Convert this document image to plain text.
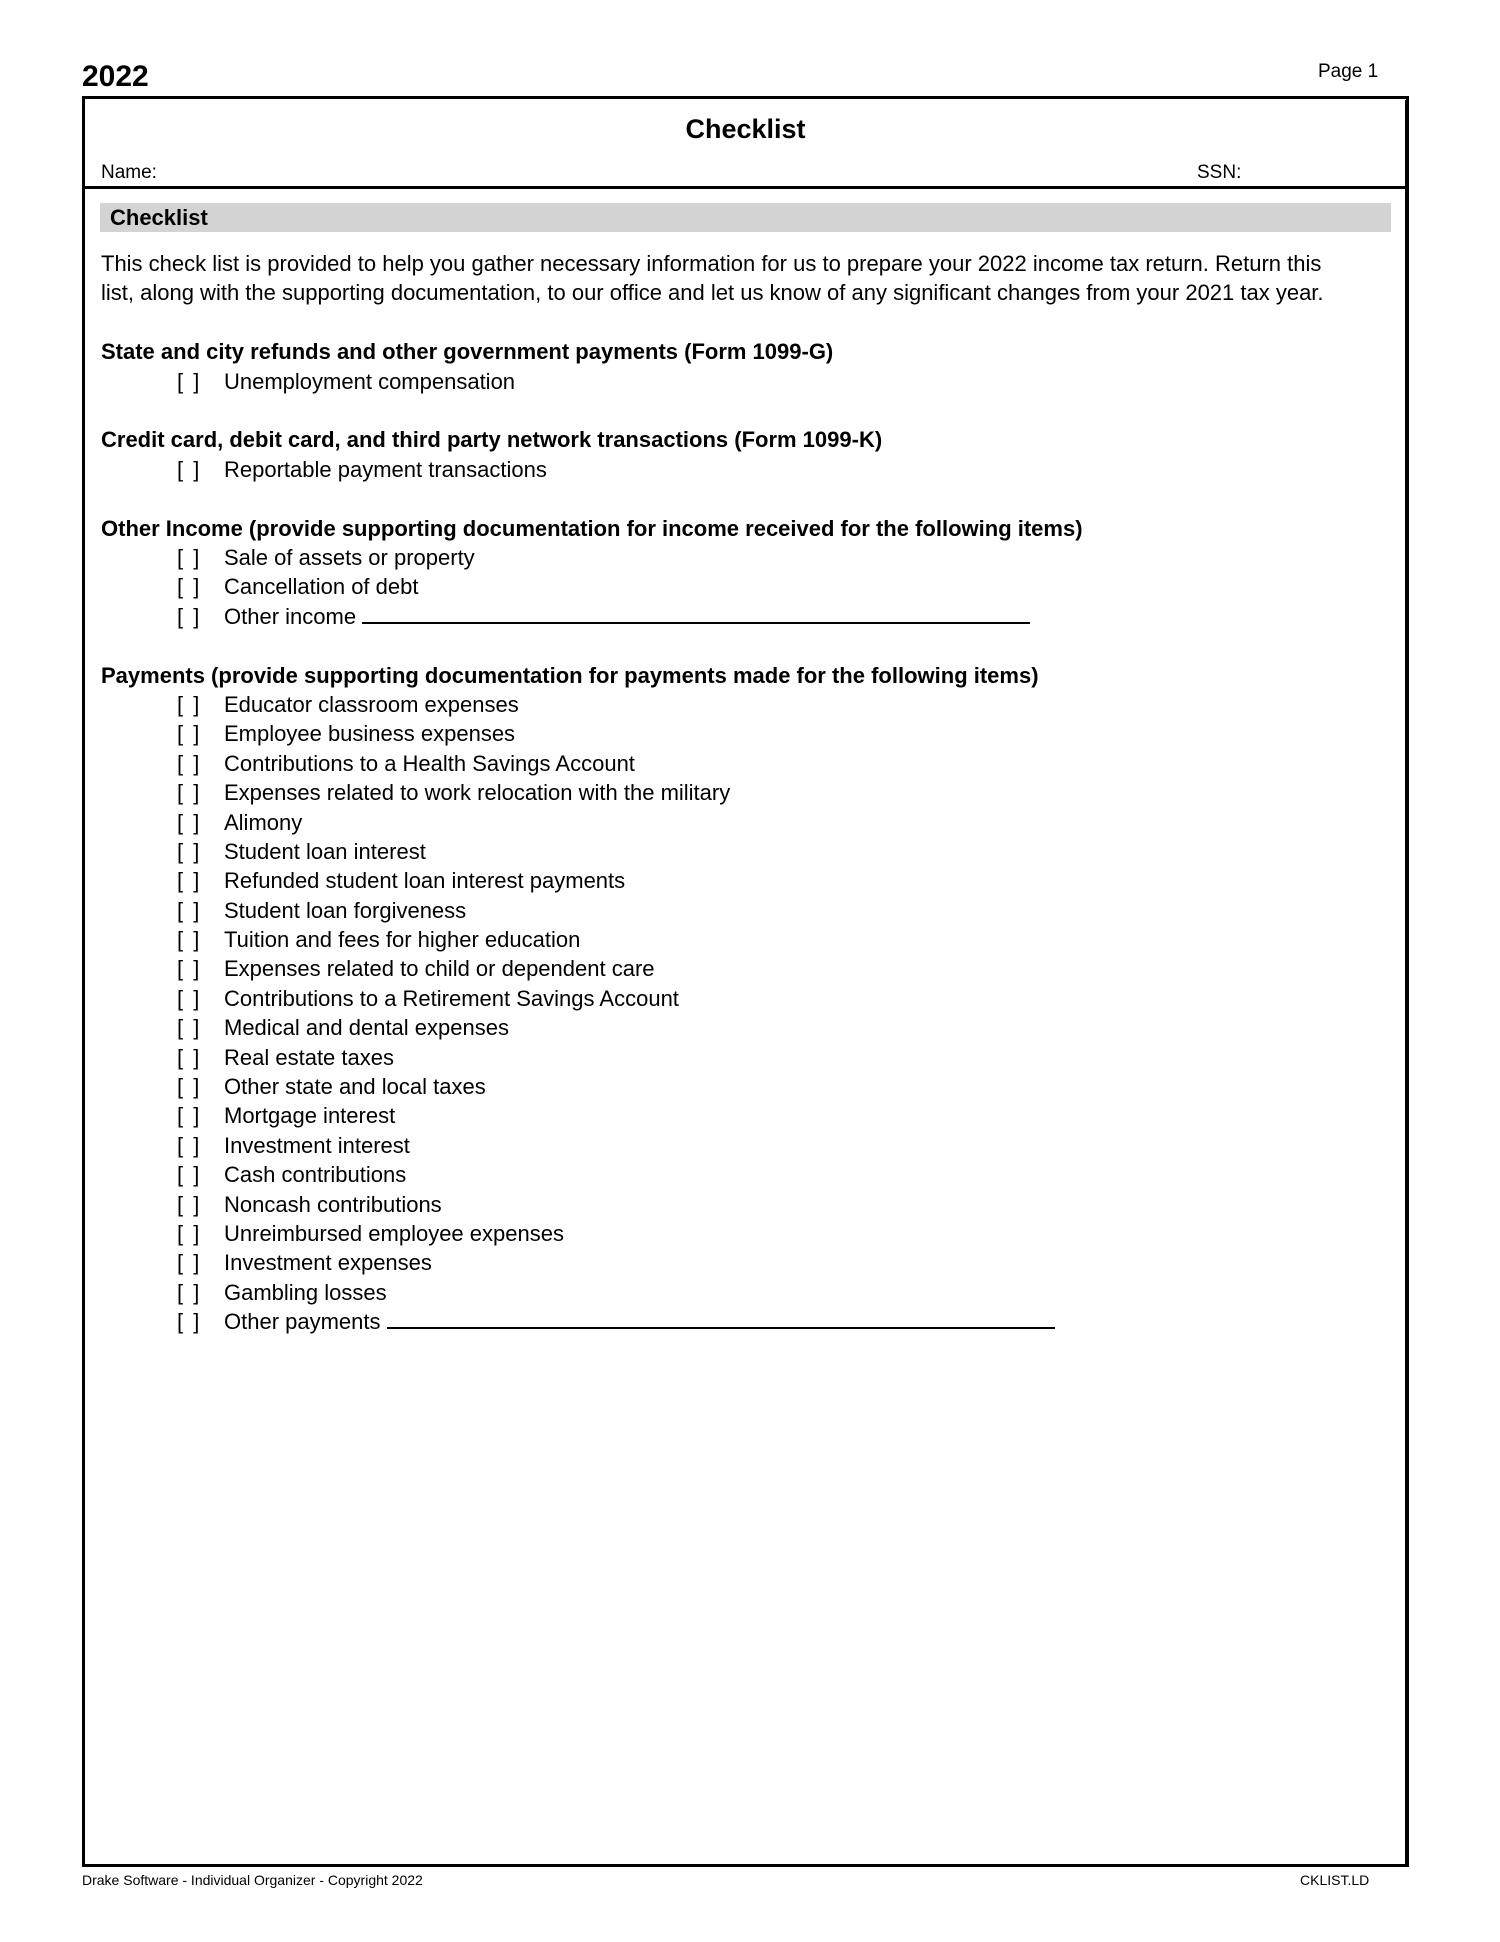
2022	Page 1
Checklist
Name:	SSN:
Checklist

This check list is provided to help you gather necessary information for us to prepare your 2022 income tax return. Return this list, along with the supporting documentation, to our office and let us know of any significant changes from your 2021 tax year.

State and city refunds and other government payments (Form 1099-G)
[ ] Unemployment compensation
Credit card, debit card, and third party network transactions (Form 1099-K)
[ ] Reportable payment transactions
Other Income (provide supporting documentation for income received for the following items)
[ ] Sale of assets or property
[ ] Cancellation of debt
[ ] Other income
Payments (provide supporting documentation for payments made for the following items)
[ ] Educator classroom expenses
[ ] Employee business expenses
[ ] Contributions to a Health Savings Account
[ ] Expenses related to work relocation with the military
[ ] Alimony
[ ] Student loan interest
[ ] Refunded student loan interest payments
[ ] Student loan forgiveness
[ ] Tuition and fees for higher education
[ ] Expenses related to child or dependent care
[ ] Contributions to a Retirement Savings Account
[ ] Medical and dental expenses
[ ] Real estate taxes
[ ] Other state and local taxes
[ ] Mortgage interest
[ ] Investment interest
[ ] Cash contributions
[ ] Noncash contributions
[ ] Unreimbursed employee expenses
[ ] Investment expenses
[ ] Gambling losses
[ ] Other payments
Drake Software - Individual Organizer - Copyright 2022	CKLIST.LD
